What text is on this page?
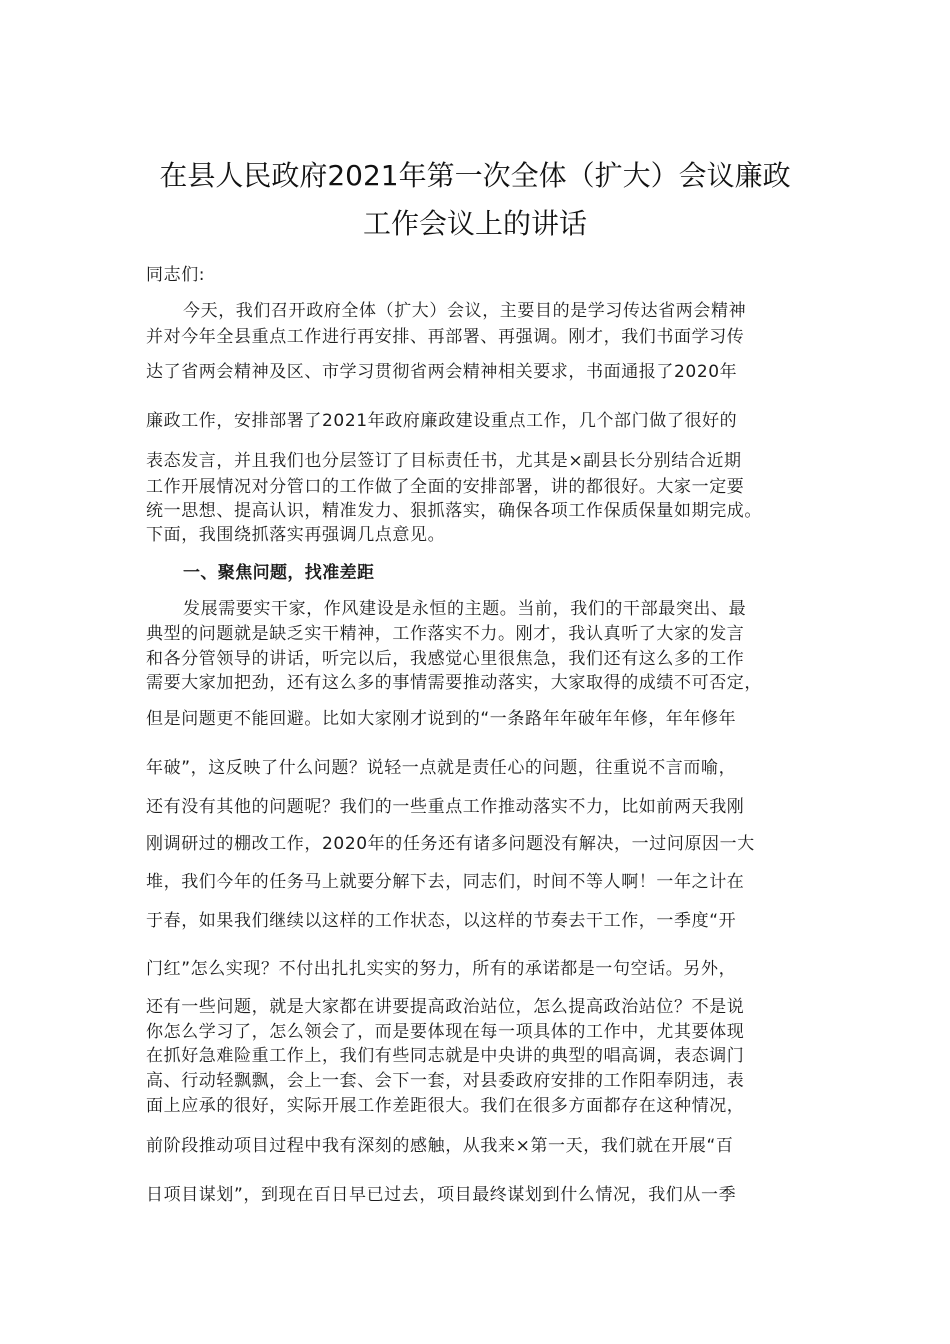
在县人民政府2021年第一次全体（扩大）会议廉政
工作会议上的讲话
同志们:
今天，我们召开政府全体（扩大）会议，主要目的是学习传达省两会精神
并对今年全县重点工作进行再安排、再部署、再强调。刚才，我们书面学习传
达了省两会精神及区、市学习贯彻省两会精神相关要求，书面通报了2020年
廉政工作，安排部署了2021年政府廉政建设重点工作，几个部门做了很好的
表态发言，并且我们也分层签订了目标责任书，尤其是×副县长分别结合近期
工作开展情况对分管口的工作做了全面的安排部署，讲的都很好。大家一定要
统一思想、提高认识，精准发力、狠抓落实，确保各项工作保质保量如期完成。
下面，我围绕抓落实再强调几点意见。
一、聚焦问题，找准差距
发展需要实干家，作风建设是永恒的主题。当前，我们的干部最突出、最
典型的问题就是缺乏实干精神，工作落实不力。刚才，我认真听了大家的发言
和各分管领导的讲话，听完以后，我感觉心里很焦急，我们还有这么多的工作
需要大家加把劲，还有这么多的事情需要推动落实，大家取得的成绩不可否定，
但是问题更不能回避。比如大家刚才说到的“一条路年年破年年修，年年修年
年破”，这反映了什么问题？说轻一点就是责任心的问题，往重说不言而喻，
还有没有其他的问题呢？我们的一些重点工作推动落实不力，比如前两天我刚
刚调研过的棚改工作，2020年的任务还有诸多问题没有解决，一过问原因一大
堆，我们今年的任务马上就要分解下去，同志们，时间不等人啊！一年之计在
于春，如果我们继续以这样的工作状态，以这样的节奏去干工作，一季度“开
门红”怎么实现？不付出扎扎实实的努力，所有的承诺都是一句空话。另外，
还有一些问题，就是大家都在讲要提高政治站位，怎么提高政治站位？不是说
你怎么学习了，怎么领会了，而是要体现在每一项具体的工作中，尤其要体现
在抓好急难险重工作上，我们有些同志就是中央讲的典型的唱高调，表态调门
高、行动轻飘飘，会上一套、会下一套，对县委政府安排的工作阳奉阴违，表
面上应承的很好，实际开展工作差距很大。我们在很多方面都存在这种情况，
前阶段推动项目过程中我有深刻的感触，从我来×第一天，我们就在开展“百
日项目谋划”，到现在百日早已过去，项目最终谋划到什么情况，我们从一季
